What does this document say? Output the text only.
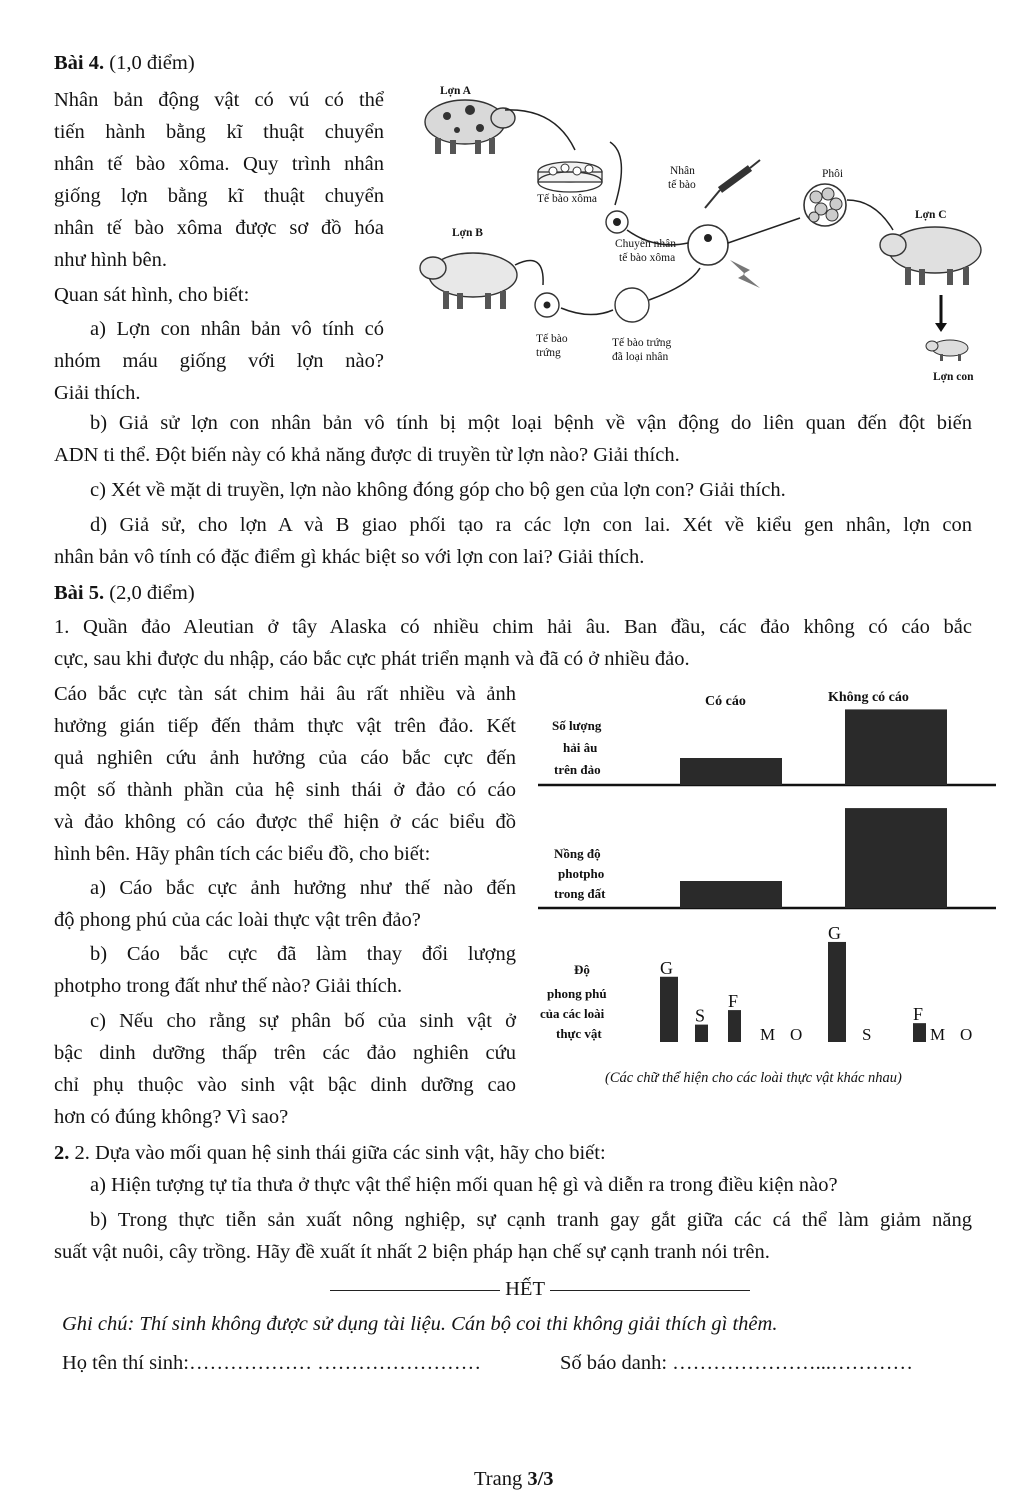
Bài 4. (1,0 điểm)
Nhân bản động vật có vú có thể
tiến hành bằng kĩ thuật chuyển
nhân tế bào xôma. Quy trình nhân
giống lợn bằng kĩ thuật chuyển
nhân tế bào xôma được sơ đồ hóa
như hình bên.
Quan sát hình, cho biết:
a) Lợn con nhân bản vô tính có
nhóm máu giống với lợn nào?
Giải thích.
Lợn A
Lợn B
Lợn C
Lợn con
Tế bào xôma
Nhân
tế bào
Phôi
Chuyển nhân
tế bào xôma
Tế bào
trứng
Tế bào trứng
đã loại nhân
b) Giả sử lợn con nhân bản vô tính bị một loại bệnh về vận động do liên quan đến đột biến
ADN ti thể. Đột biến này có khả năng được di truyền từ lợn nào? Giải thích.
c) Xét về mặt di truyền, lợn nào không đóng góp cho bộ gen của lợn con? Giải thích.
d) Giả sử, cho lợn A và B giao phối tạo ra các lợn con lai. Xét về kiểu gen nhân, lợn con
nhân bản vô tính có đặc điểm gì khác biệt so với lợn con lai? Giải thích.
Bài 5. (2,0 điểm)
1. Quần đảo Aleutian ở tây Alaska có nhiều chim hải âu. Ban đầu, các đảo không có cáo bắc
cực, sau khi được du nhập, cáo bắc cực phát triển mạnh và đã có ở nhiều đảo.
Cáo bắc cực tàn sát chim hải âu rất nhiều và ảnh
hưởng gián tiếp đến thảm thực vật trên đảo. Kết
quả nghiên cứu ảnh hưởng của cáo bắc cực đến
một số thành phần của hệ sinh thái ở đảo có cáo
và đảo không có cáo được thể hiện ở các biểu đồ
hình bên. Hãy phân tích các biểu đồ, cho biết:
a) Cáo bắc cực ảnh hưởng như thế nào đến
độ phong phú của các loài thực vật trên đảo?
b) Cáo bắc cực đã làm thay đổi lượng
photpho trong đất như thế nào? Giải thích.
c) Nếu cho rằng sự phân bố của sinh vật ở
bậc dinh dưỡng thấp trên các đảo nghiên cứu
chỉ phụ thuộc vào sinh vật bậc dinh dưỡng cao
hơn có đúng không? Vì sao?
Có cáo	Không có cáo
Số lượng
hải âu
trên đảo
Nồng độ
photpho
trong đất
Độ
phong phú
của các loài
thực vật
G
S
F
M O
G
S
F
M O
(Các chữ thể hiện cho các loài thực vật khác nhau)
2. 2. Dựa vào mối quan hệ sinh thái giữa các sinh vật, hãy cho biết:
a) Hiện tượng tự tỉa thưa ở thực vật thể hiện mối quan hệ gì và diễn ra trong điều kiện nào?
b) Trong thực tiễn sản xuất nông nghiệp, sự cạnh tranh gay gắt giữa các cá thể làm giảm năng
suất vật nuôi, cây trồng. Hãy đề xuất ít nhất 2 biện pháp hạn chế sự cạnh tranh nói trên.
HẾT
Ghi chú: Thí sinh không được sử dụng tài liệu. Cán bộ coi thi không giải thích gì thêm.
Họ tên thí sinh:……………… ……………………	Số báo danh: …………………...…………
Trang 3/3
